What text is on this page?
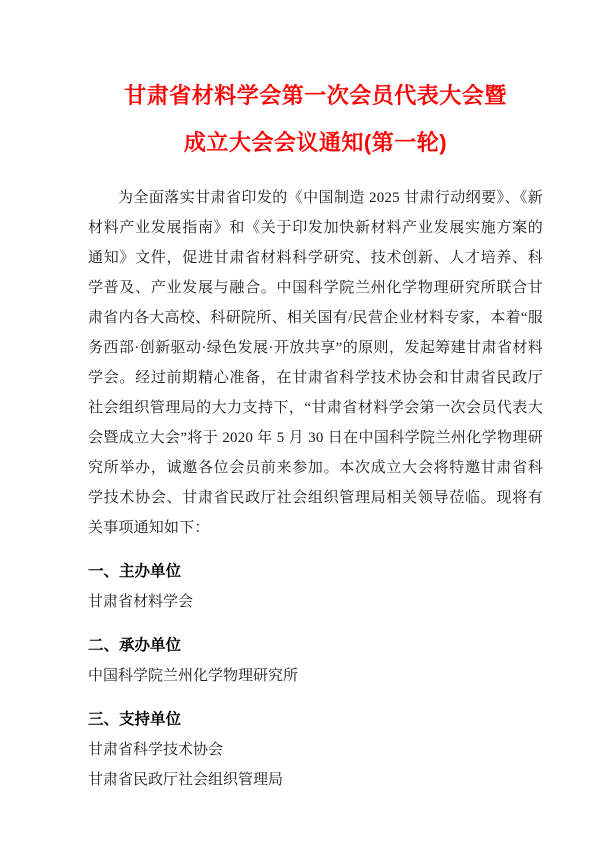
甘肃省材料学会第一次会员代表大会暨
成立大会会议通知(第一轮)

为全面落实甘肃省印发的《中国制造 2025 甘肃行动纲要》、《新材料产业发展指南》和《关于印发加快新材料产业发展实施方案的通知》文件，促进甘肃省材料科学研究、技术创新、人才培养、科学普及、产业发展与融合。中国科学院兰州化学物理研究所联合甘肃省内各大高校、科研院所、相关国有/民营企业材料专家，本着“服务西部·创新驱动·绿色发展·开放共享”的原则，发起筹建甘肃省材料学会。经过前期精心准备，在甘肃省科学技术协会和甘肃省民政厅社会组织管理局的大力支持下，“甘肃省材料学会第一次会员代表大会暨成立大会”将于 2020 年 5 月 30 日在中国科学院兰州化学物理研究所举办，诚邀各位会员前来参加。本次成立大会将特邀甘肃省科学技术协会、甘肃省民政厅社会组织管理局相关领导莅临。现将有关事项通知如下：

一、主办单位

甘肃省材料学会

二、承办单位

中国科学院兰州化学物理研究所

三、支持单位

甘肃省科学技术协会

甘肃省民政厅社会组织管理局
